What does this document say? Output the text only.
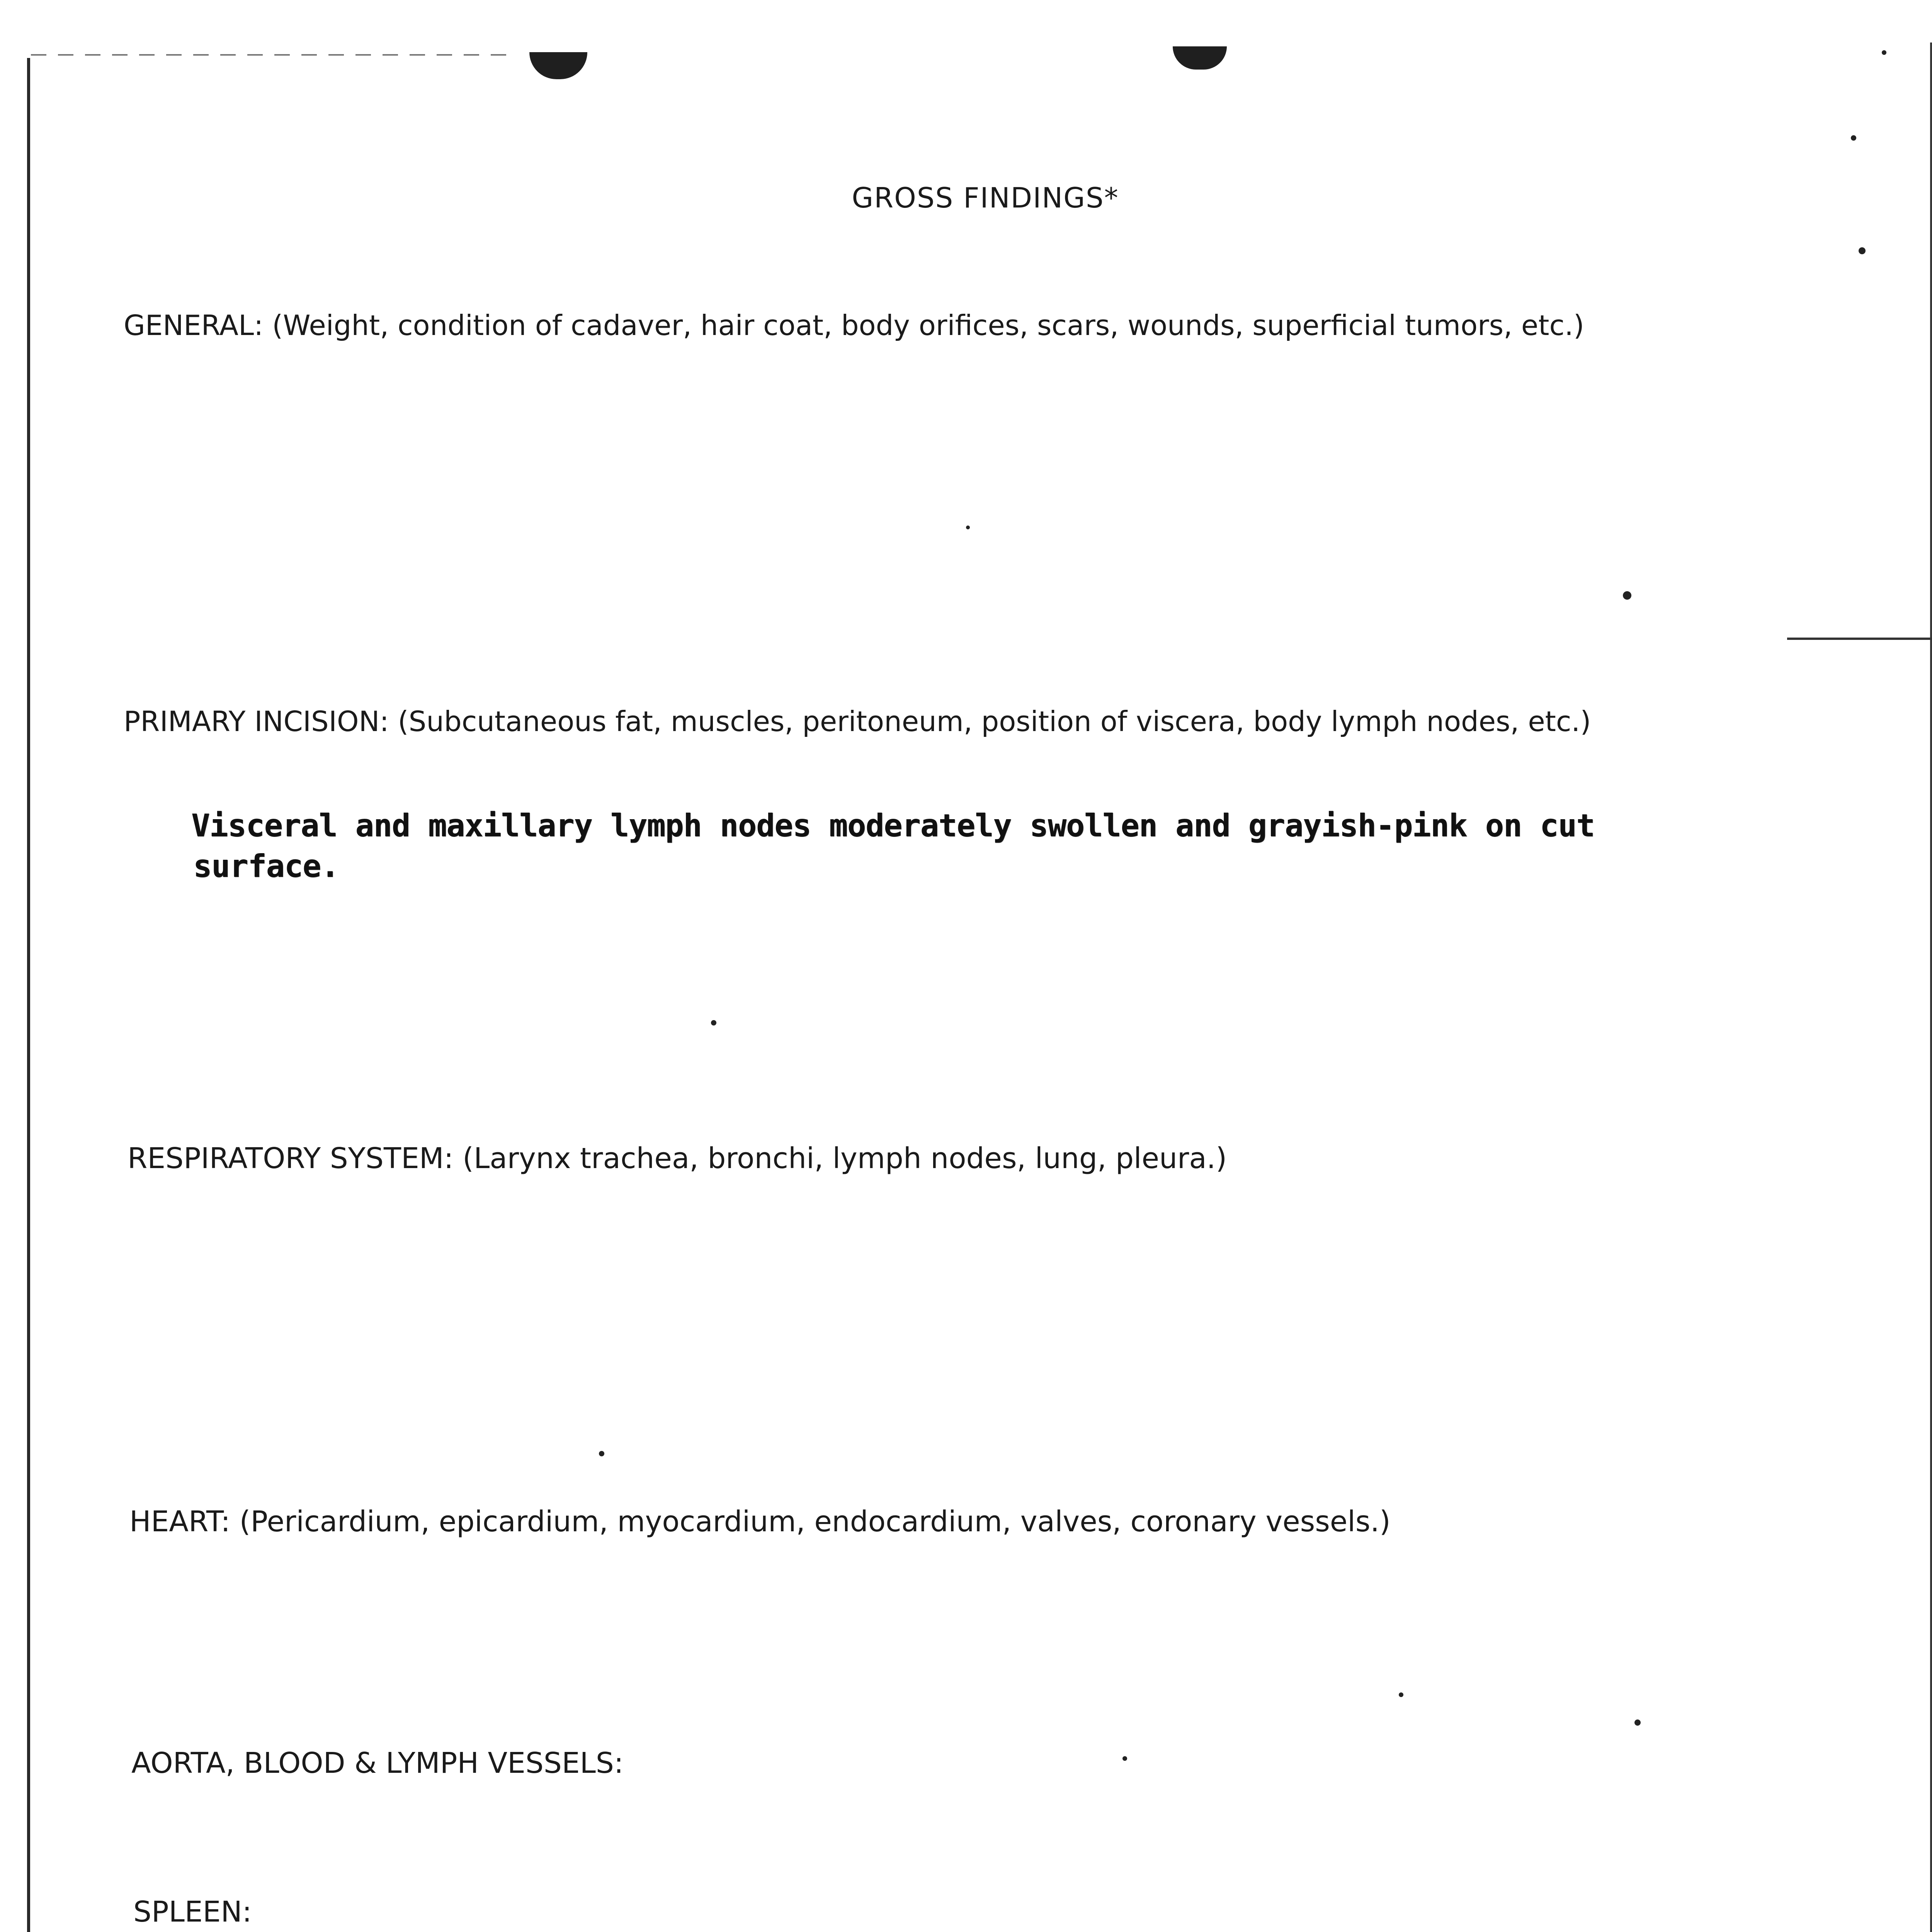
GROSS FINDINGS*
GENERAL: (Weight, condition of cadaver, hair coat, body orifices, scars, wounds, superficial tumors, etc.)
PRIMARY INCISION: (Subcutaneous fat, muscles, peritoneum, position of viscera, body lymph nodes, etc.)
Visceral and maxillary lymph nodes moderately swollen and grayish-pink on cut
surface.
RESPIRATORY SYSTEM: (Larynx trachea, bronchi, lymph nodes, lung, pleura.)
HEART: (Pericardium, epicardium, myocardium, endocardium, valves, coronary vessels.)
AORTA, BLOOD & LYMPH VESSELS:
SPLEEN:
